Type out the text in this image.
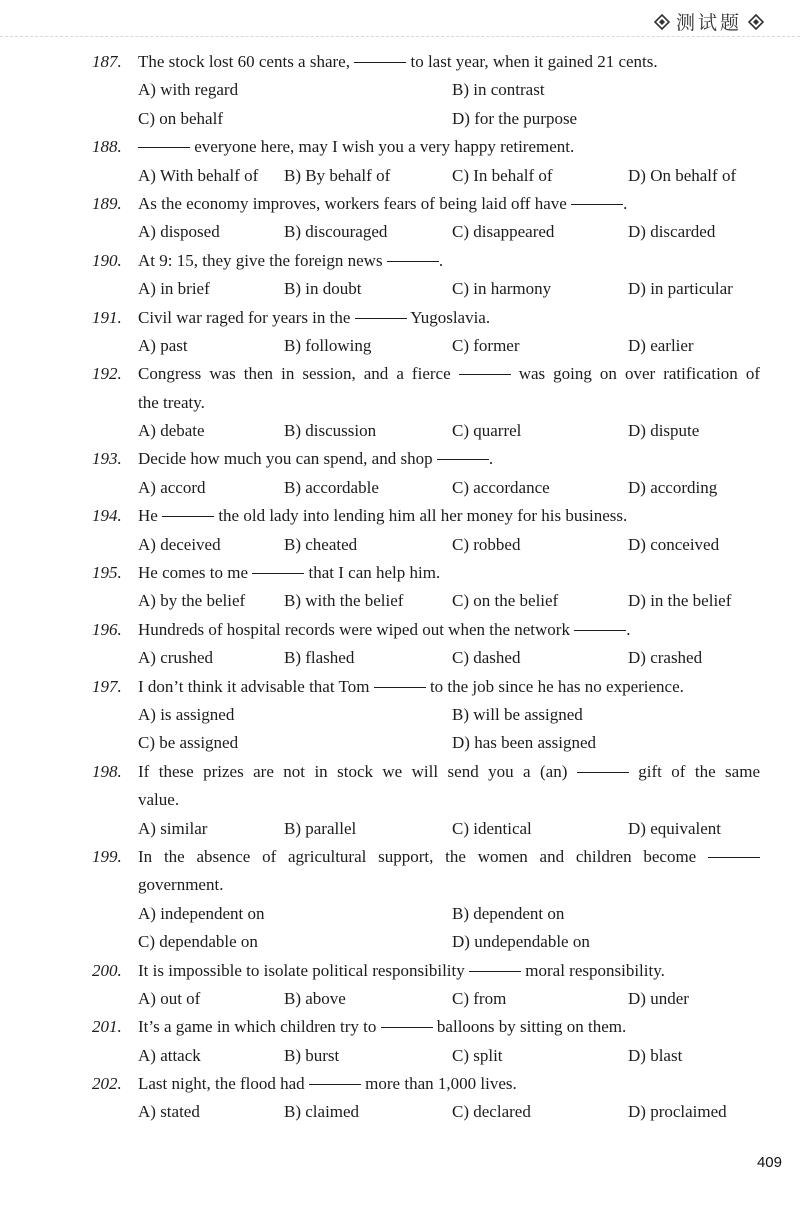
测试题
187. The stock lost 60 cents a share,	to last year, when it gained 21 cents.
A) with regard	B) in contrast
C) on behalf	D) for the purpose
188.	everyone here, may I wish you a very happy retirement.
A) With behalf of B) By behalf of	C) In behalf of	D) On behalf of
189. As the economy improves, workers fears of being laid off have	.
A) disposed	B) discouraged	C) disappeared	D) discarded
190. At 9: 15, they give the foreign news	.
A) in brief	B) in doubt	C) in harmony	D) in particular
191. Civil war raged for years in the	Yugoslavia.
A) past	B) following	C) former	D) earlier
192. Congress was then in session, and a fierce	was going on over ratification of
the treaty.
A) debate	B) discussion	C) quarrel	D) dispute
193. Decide how much you can spend, and shop	.
A) accord	B) accordable	C) accordance	D) according
194. He	the old lady into lending him all her money for his business.
A) deceived	B) cheated	C) robbed	D) conceived
195. He comes to me	that I can help him.
A) by the belief B) with the belief	C) on the belief	D) in the belief
196. Hundreds of hospital records were wiped out when the network	.
A) crushed	B) flashed	C) dashed	D) crashed
197. I don’t think it advisable that Tom	to the job since he has no experience.
A) is assigned	B) will be assigned
C) be assigned	D) has been assigned
198. If these prizes are not in stock we will send you a (an)	gift of the same
value.
A) similar	B) parallel	C) identical	D) equivalent
199. In the absence of agricultural support, the women and children become
government.
A) independent on	B) dependent on
C) dependable on	D) undependable on
200. It is impossible to isolate political responsibility	moral responsibility.
A) out of	B) above	C) from	D) under
201. It’s a game in which children try to	balloons by sitting on them.
A) attack	B) burst	C) split	D) blast
202. Last night, the flood had	more than 1,000 lives.
A) stated	B) claimed	C) declared	D) proclaimed
409
